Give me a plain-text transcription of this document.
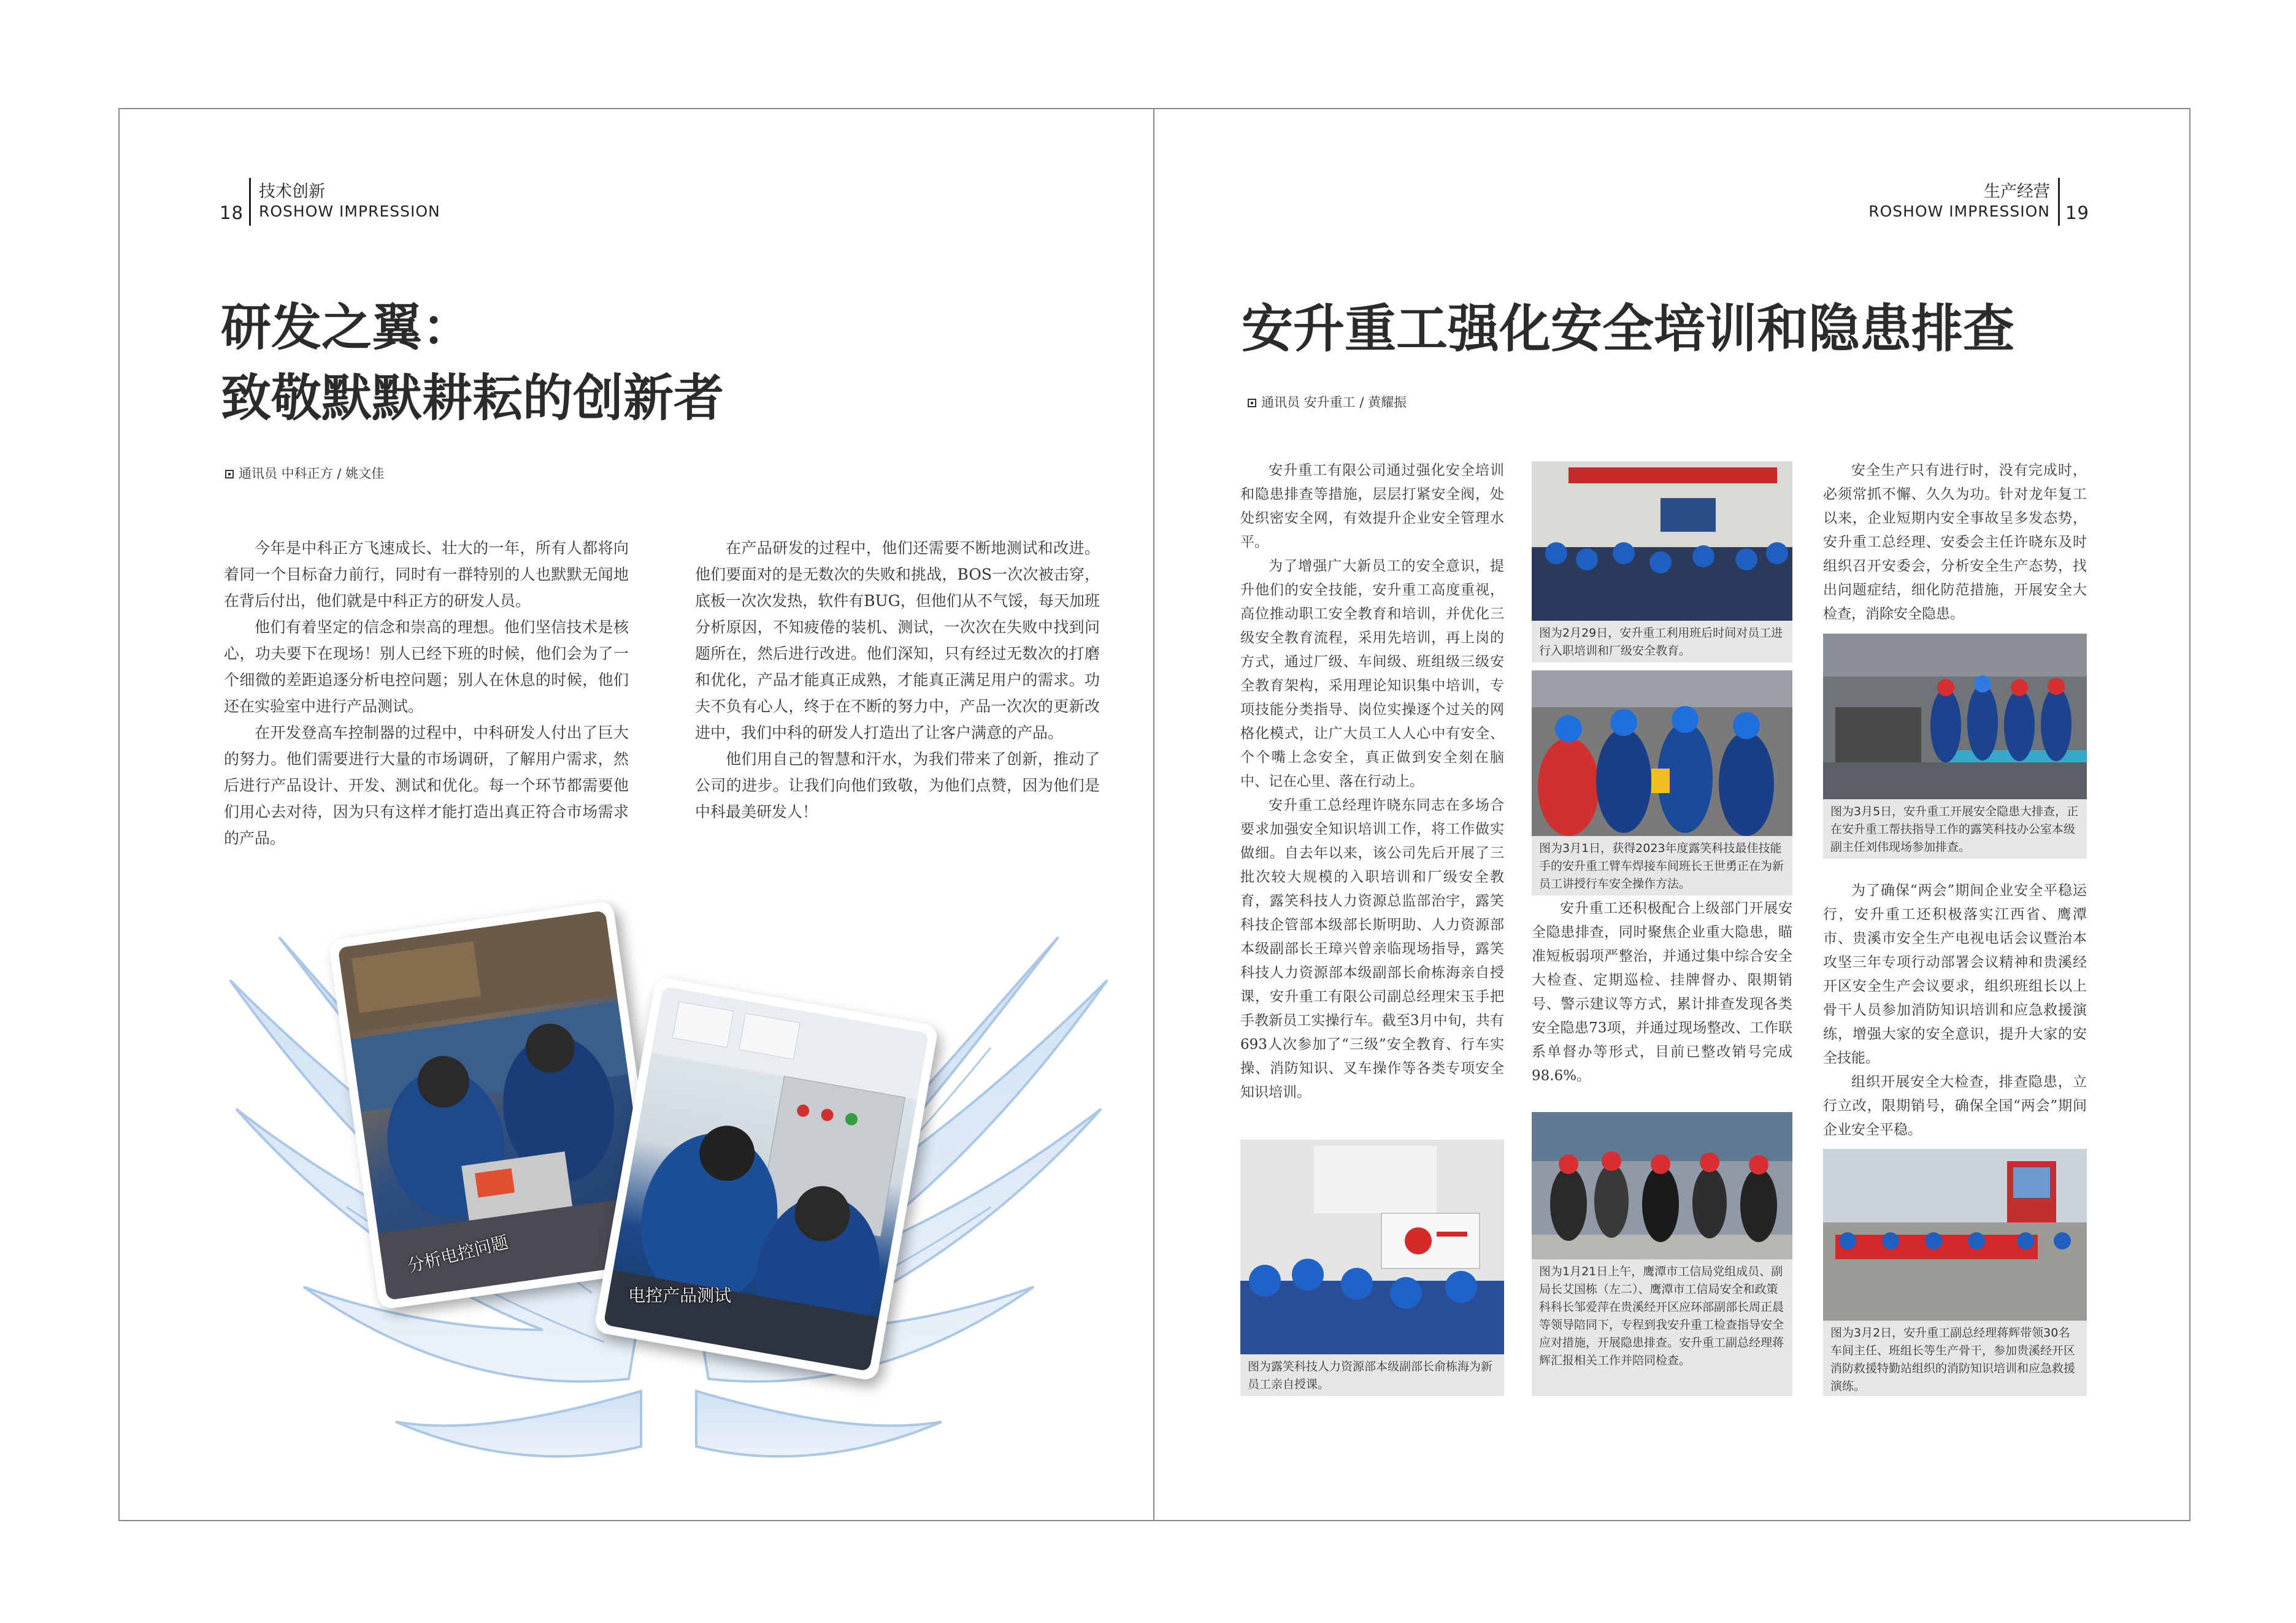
18
技术创新
ROSHOW IMPRESSION
研发之翼：
致敬默默耕耘的创新者
通讯员 中科正方 / 姚文佳

今年是中科正方飞速成长、壮大的一年，所有人都将向着同一个目标奋力前行，同时有一群特别的人也默默无闻地在背后付出，他们就是中科正方的研发人员。

他们有着坚定的信念和崇高的理想。他们坚信技术是核心，功夫要下在现场！别人已经下班的时候，他们会为了一个细微的差距追逐分析电控问题；别人在休息的时候，他们还在实验室中进行产品测试。

在开发登高车控制器的过程中，中科研发人付出了巨大的努力。他们需要进行大量的市场调研，了解用户需求，然后进行产品设计、开发、测试和优化。每一个环节都需要他们用心去对待，因为只有这样才能打造出真正符合市场需求的产品。

在产品研发的过程中，他们还需要不断地测试和改进。他们要面对的是无数次的失败和挑战，BOS一次次被击穿，底板一次次发热，软件有BUG，但他们从不气馁，每天加班分析原因，不知疲倦的装机、测试，一次次在失败中找到问题所在，然后进行改进。他们深知，只有经过无数次的打磨和优化，产品才能真正成熟，才能真正满足用户的需求。功夫不负有心人，终于在不断的努力中，产品一次次的更新改进中，我们中科的研发人打造出了让客户满意的产品。

他们用自己的智慧和汗水，为我们带来了创新，推动了公司的进步。让我们向他们致敬，为他们点赞，因为他们是中科最美研发人！

分析电控问题
电控产品测试
生产经营
ROSHOW IMPRESSION 19
安升重工强化安全培训和隐患排查
通讯员 安升重工 / 黄耀振

安升重工有限公司通过强化安全培训和隐患排查等措施，层层打紧安全阀，处处织密安全网，有效提升企业安全管理水平。

为了增强广大新员工的安全意识，提升他们的安全技能，安升重工高度重视，高位推动职工安全教育和培训，并优化三级安全教育流程，采用先培训，再上岗的方式，通过厂级、车间级、班组级三级安全教育架构，采用理论知识集中培训，专项技能分类指导、岗位实操逐个过关的网格化模式，让广大员工人人心中有安全、个个嘴上念安全，真正做到安全刻在脑中、记在心里、落在行动上。

安升重工总经理许晓东同志在多场合要求加强安全知识培训工作，将工作做实做细。自去年以来，该公司先后开展了三批次较大规模的入职培训和厂级安全教育，露笑科技人力资源总监部治宇，露笑科技企管部本级部长斯明助、人力资源部本级副部长王璋兴曾亲临现场指导，露笑科技人力资源部本级副部长俞栋海亲自授课，安升重工有限公司副总经理宋玉手把手教新员工实操行车。截至3月中旬，共有693人次参加了“三级”安全教育、行车实操、消防知识、叉车操作等各类专项安全知识培训。

图为露笑科技人力资源部本级副部长俞栋海为新员工亲自授课。
图为2月29日，安升重工利用班后时间对员工进行入职培训和厂级安全教育。
图为3月1日，获得2023年度露笑科技最佳技能手的安升重工臂车焊接车间班长王世勇正在为新员工讲授行车安全操作方法。

安升重工还积极配合上级部门开展安全隐患排查，同时聚焦企业重大隐患，瞄准短板弱项严整治，并通过集中综合安全大检查、定期巡检、挂牌督办、限期销号、警示建议等方式，累计排查发现各类安全隐患73项，并通过现场整改、工作联系单督办等形式，目前已整改销号完成98.6%。

图为1月21日上午，鹰潭市工信局党组成员、副局长艾国栋（左二）、鹰潭市工信局安全和政策科科长邹爱萍在贵溪经开区应环部副部长周正晨等领导陪同下，专程到我安升重工检查指导安全应对措施，开展隐患排查。安升重工副总经理蒋辉汇报相关工作并陪同检查。

安全生产只有进行时，没有完成时，必须常抓不懈、久久为功。针对龙年复工以来，企业短期内安全事故呈多发态势，安升重工总经理、安委会主任许晓东及时组织召开安委会，分析安全生产态势，找出问题症结，细化防范措施，开展安全大检查，消除安全隐患。

图为3月5日，安升重工开展安全隐患大排查，正在安升重工帮扶指导工作的露笑科技办公室本级副主任刘伟现场参加排查。

为了确保“两会”期间企业安全平稳运行，安升重工还积极落实江西省、鹰潭市、贵溪市安全生产电视电话会议暨治本攻坚三年专项行动部署会议精神和贵溪经开区安全生产会议要求，组织班组长以上骨干人员参加消防知识培训和应急救援演练，增强大家的安全意识，提升大家的安全技能。

组织开展安全大检查，排查隐患，立行立改，限期销号，确保全国“两会”期间企业安全平稳。

图为3月2日，安升重工副总经理蒋辉带领30名车间主任、班组长等生产骨干，参加贵溪经开区消防救援特勤站组织的消防知识培训和应急救援演练。
